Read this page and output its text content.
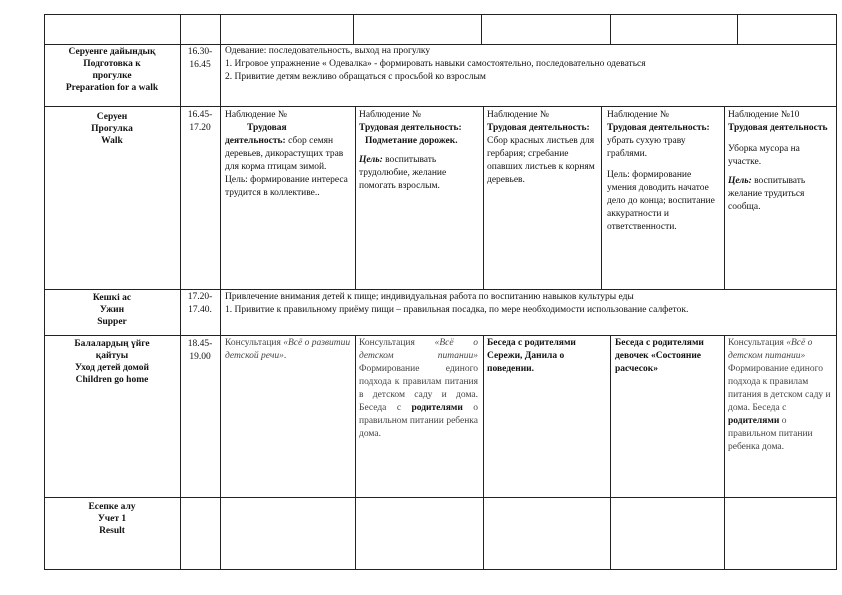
Серуенге дайындық
Подготовка к
прогулке
Preparation for a walk
16.30-
16.45
Одевание: последовательность, выход на прогулку
1. Игровое упражнение « Одевалка» - формировать навыки самостоятельно, последовательно одеваться
2. Привитие детям вежливо обращаться с просьбой ко взрослым
Серуен
Прогулка
Walk
16.45-
17.20
Наблюдение №
Трудовая
деятельность: сбор семян деревьев, дикорастущих трав для корма птицам зимой.
Цель: формирование интереса трудится в коллективе..
Наблюдение №
Трудовая деятельность:
Подметание дорожек.
Цель: воспитывать трудолюбие, желание помогать взрослым.
Наблюдение №
Трудовая деятельность: Сбор красных листьев для гербария; сгребание опавших листьев к корням деревьев.
Наблюдение №
Трудовая деятельность: убрать сухую траву граблями.
Цель: формирование умения доводить начатое дело до конца; воспитание аккуратности и ответственности.
Наблюдение №10
Трудовая деятельность
Уборка мусора на участке.
Цель: воспитывать желание трудиться сообща.
Кешкі ас
Ужин
Supper
17.20-
17.40.
Привлечение внимания детей к пище; индивидуальная работа по воспитанию навыков культуры еды
1. Привитие к правильному приёму пищи – правильная посадка, по мере необходимости использование салфеток.
Балалардың үйге
қайтуы
Уход детей домой
Children go home
18.45-
19.00
Консультация «Всё о развитии детской речи».
Консультация «Всё о детском питании» Формирование единого подхода к правилам питания в детском саду и дома. Беседа с родителями о правильном питании ребенка дома.
Беседа с родителями Сережи, Данила о поведении.
Беседа с родителями девочек «Состояние расчесок»
Консультация «Всё о детском питании» Формирование единого подхода к правилам питания в детском саду и дома. Беседа с родителями о правильном питании ребенка дома.
Есепке алу
Учет 1
Result
